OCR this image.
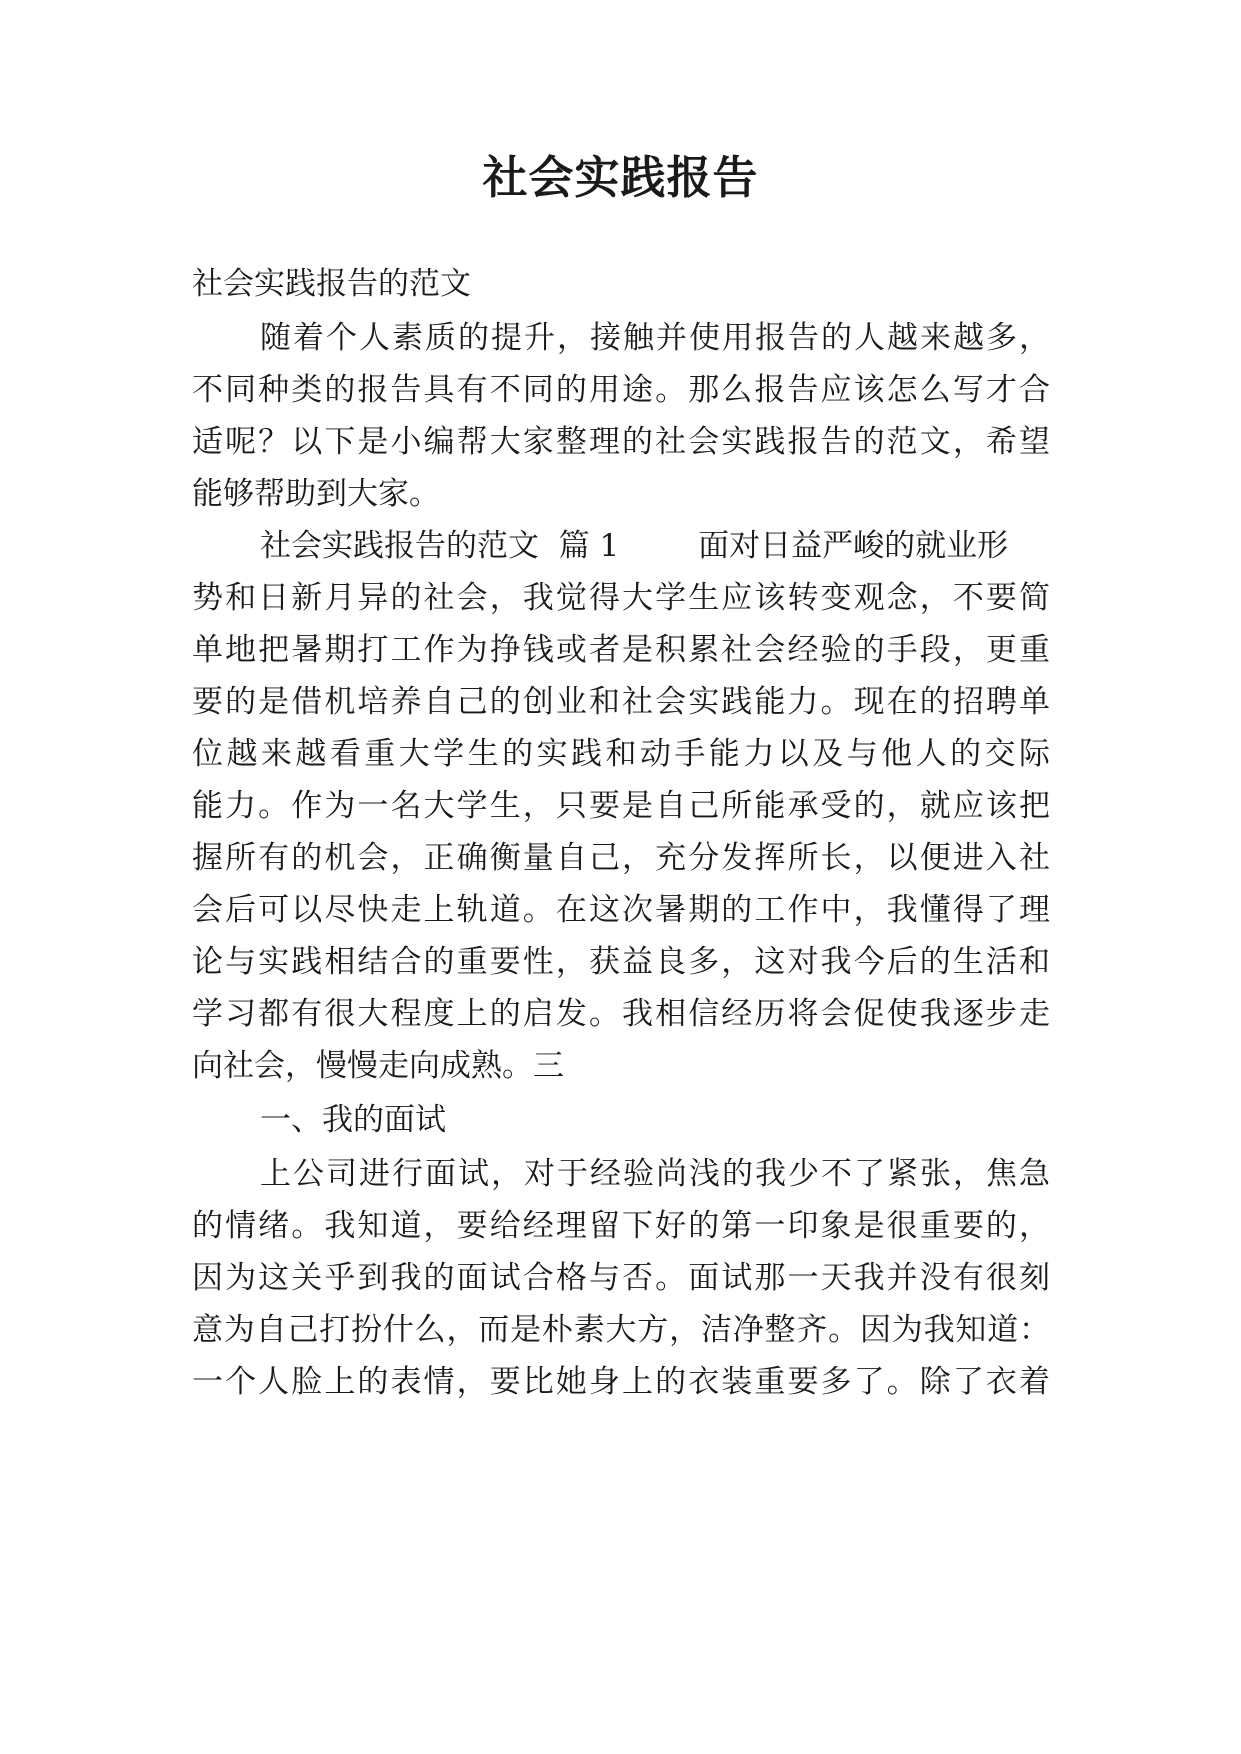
社会实践报告
社会实践报告的范文
随着个人素质的提升，接触并使用报告的人越来越多，
不同种类的报告具有不同的用途。那么报告应该怎么写才合
适呢？以下是小编帮大家整理的社会实践报告的范文，希望
能够帮助到大家。
社会实践报告的范文  篇 1        面对日益严峻的就业形
势和日新月异的社会，我觉得大学生应该转变观念，不要简
单地把暑期打工作为挣钱或者是积累社会经验的手段，更重
要的是借机培养自己的创业和社会实践能力。现在的招聘单
位越来越看重大学生的实践和动手能力以及与他人的交际
能力。作为一名大学生，只要是自己所能承受的，就应该把
握所有的机会，正确衡量自己，充分发挥所长，以便进入社
会后可以尽快走上轨道。在这次暑期的工作中，我懂得了理
论与实践相结合的重要性，获益良多，这对我今后的生活和
学习都有很大程度上的启发。我相信经历将会促使我逐步走
向社会，慢慢走向成熟。三
一、我的面试
上公司进行面试，对于经验尚浅的我少不了紧张，焦急
的情绪。我知道，要给经理留下好的第一印象是很重要的，
因为这关乎到我的面试合格与否。面试那一天我并没有很刻
意为自己打扮什么，而是朴素大方，洁净整齐。因为我知道：
一个人脸上的表情，要比她身上的衣装重要多了。除了衣着
